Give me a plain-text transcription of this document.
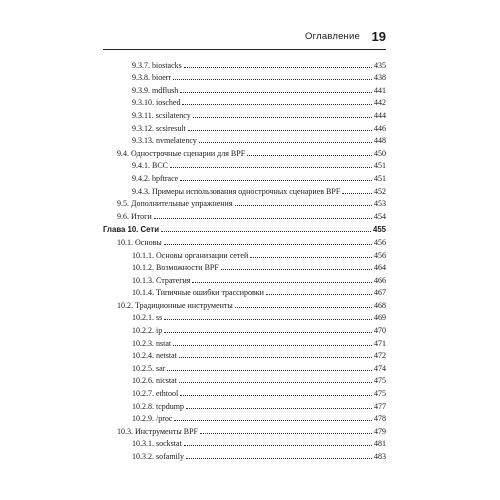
Оглавление 19
9.3.7. biostacks	435
9.3.8. bioerr	438
9.3.9. mdflush	441
9.3.10. iosched	442
9.3.11. scsilatency	444
9.3.12. scsiresult	446
9.3.13. nvmelatency	448
9.4. Однострочные сценарии для BPF	450
9.4.1. BCC	451
9.4.2. bpftrace	451
9.4.3. Примеры использования однострочных сценариев BPF	452
9.5. Дополнительные упражнения	453
9.6. Итоги	454
Глава 10. Сети	455
10.1. Основы	456
10.1.1. Основы организации сетей	456
10.1.2. Возможности BPF	464
10.1.3. Стратегия	466
10.1.4. Типичные ошибки трассировки	467
10.2. Традиционные инструменты	468
10.2.1. ss	469
10.2.2. ip	470
10.2.3. nstat	471
10.2.4. netstat	472
10.2.5. sar	474
10.2.6. nicstat	475
10.2.7. ethtool	475
10.2.8. tcpdump	477
10.2.9. /proc	478
10.3. Инструменты BPF	479
10.3.1. sockstat	481
10.3.2. sofamily	483
